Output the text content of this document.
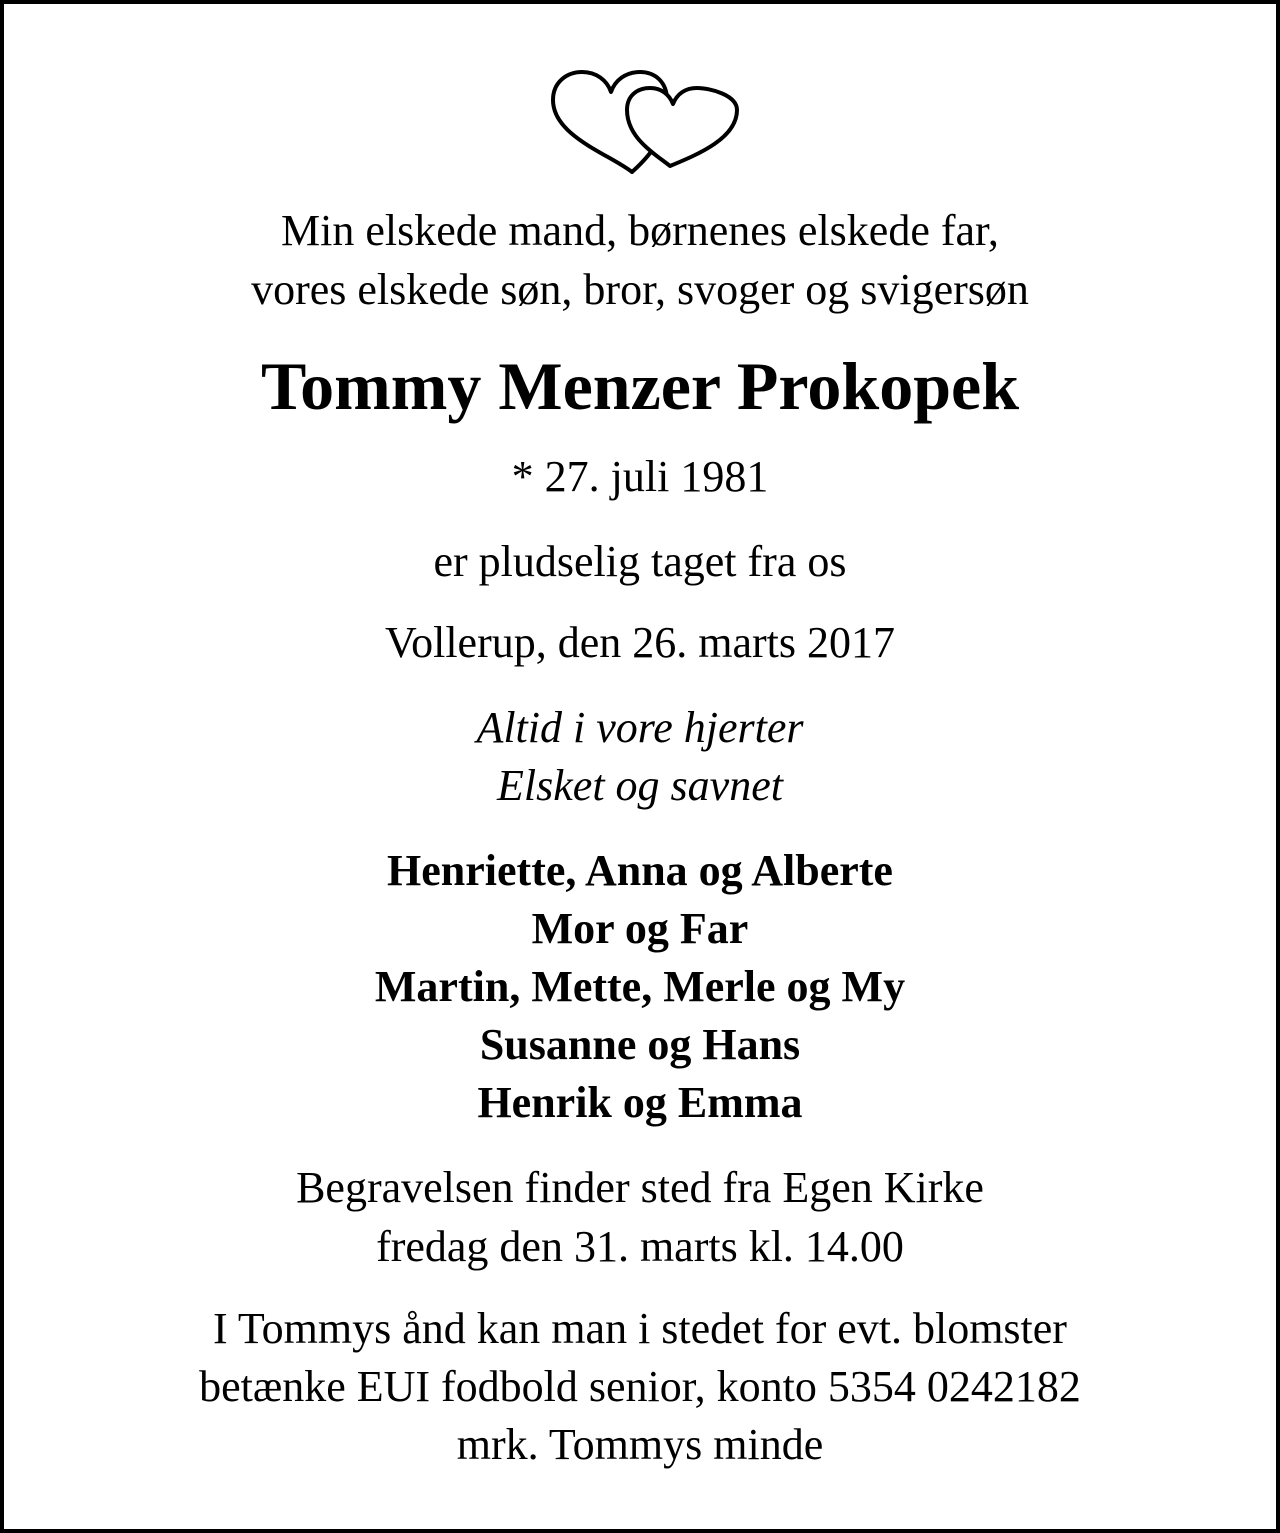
Min elskede mand, børnenes elskede far,
vores elskede søn, bror, svoger og svigersøn
Tommy Menzer Prokopek
* 27. juli 1981
er pludselig taget fra os
Vollerup, den 26. marts 2017
Altid i vore hjerter
Elsket og savnet
Henriette, Anna og Alberte
Mor og Far
Martin, Mette, Merle og My
Susanne og Hans
Henrik og Emma
Begravelsen finder sted fra Egen Kirke
fredag den 31. marts kl. 14.00
I Tommys ånd kan man i stedet for evt. blomster
betænke EUI fodbold senior, konto 5354 0242182
mrk. Tommys minde
